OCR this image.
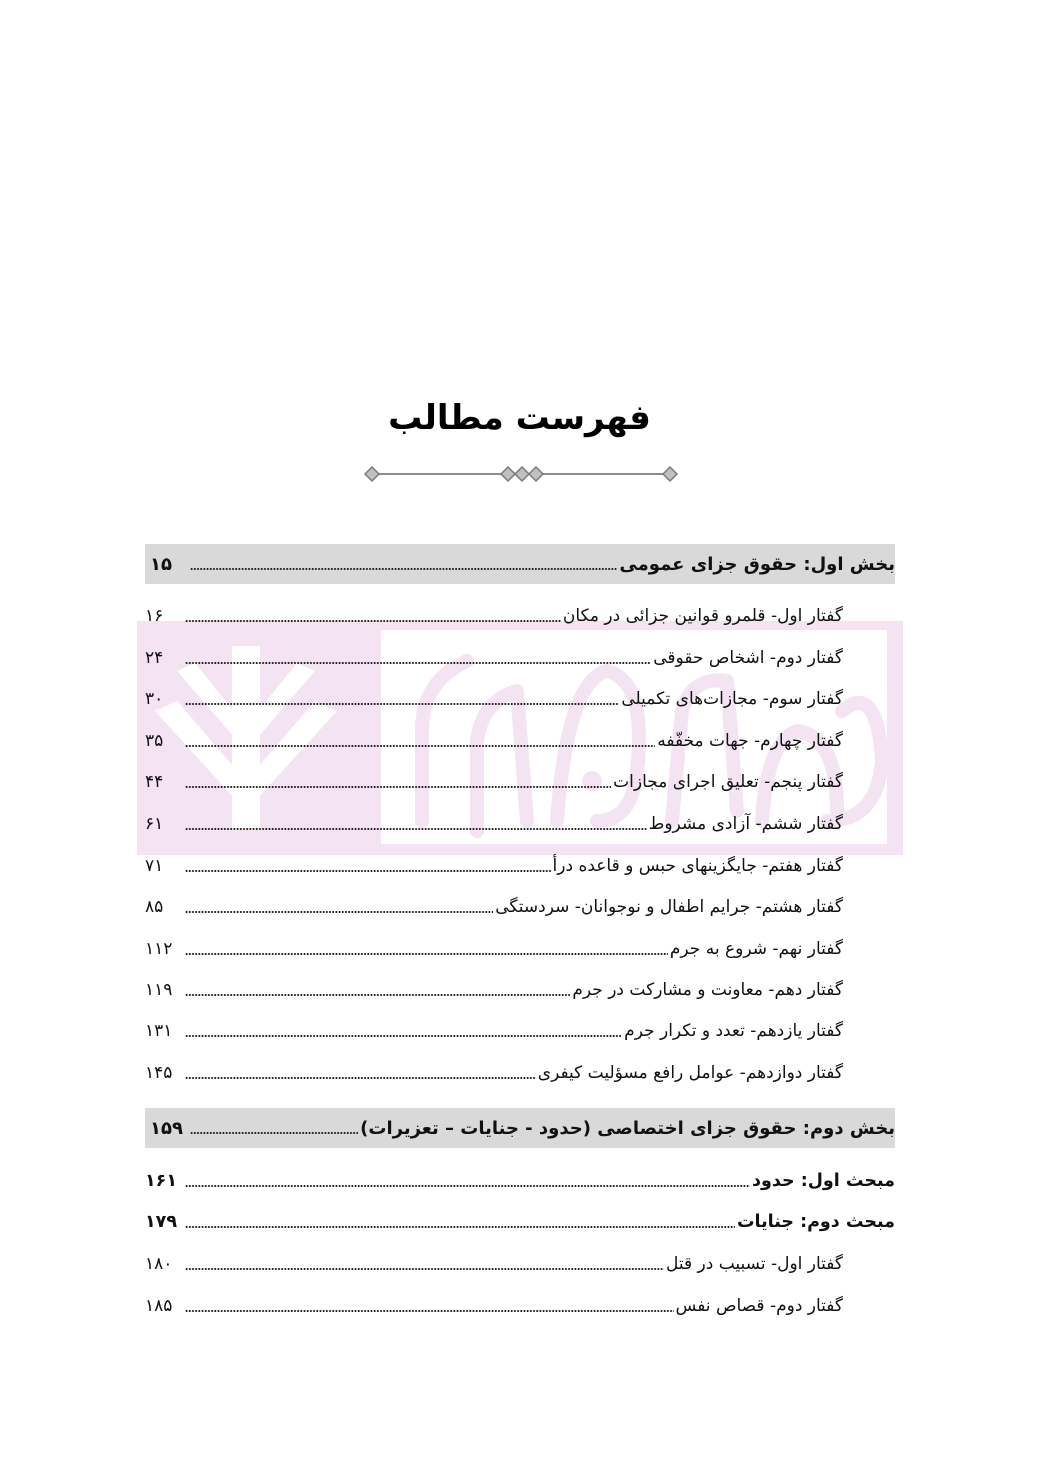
فهرست مطالب
بخش اول: حقوق جزای عمومی
۱۵
گفتار اول- قلمرو قوانین جزائی در مکان
۱۶
گفتار دوم- اشخاص حقوقی
۲۴
گفتار سوم- مجازات‌های تکمیلی
۳۰
گفتار چهارم- جهات مخفّفه
۳۵
گفتار پنجم- تعلیق اجرای مجازات
۴۴
گفتار ششم- آزادی مشروط
۶۱
گفتار هفتم- جایگزینهای حبس و قاعده درأ
۷۱
گفتار هشتم- جرایم اطفال و نوجوانان- سردستگی
۸۵
گفتار نهم- شروع به جرم
۱۱۲
گفتار دهم- معاونت و مشارکت در جرم
۱۱۹
گفتار یازدهم- تعدد و تکرار جرم
۱۳۱
گفتار دوازدهم- عوامل رافع مسؤلیت کیفری
۱۴۵
بخش دوم: حقوق جزای اختصاصی (حدود - جنایات – تعزیرات)
۱۵۹
مبحث اول: حدود
۱۶۱
مبحث دوم: جنایات
۱۷۹
گفتار اول- تسبیب در قتل
۱۸۰
گفتار دوم- قصاص نفس
۱۸۵
